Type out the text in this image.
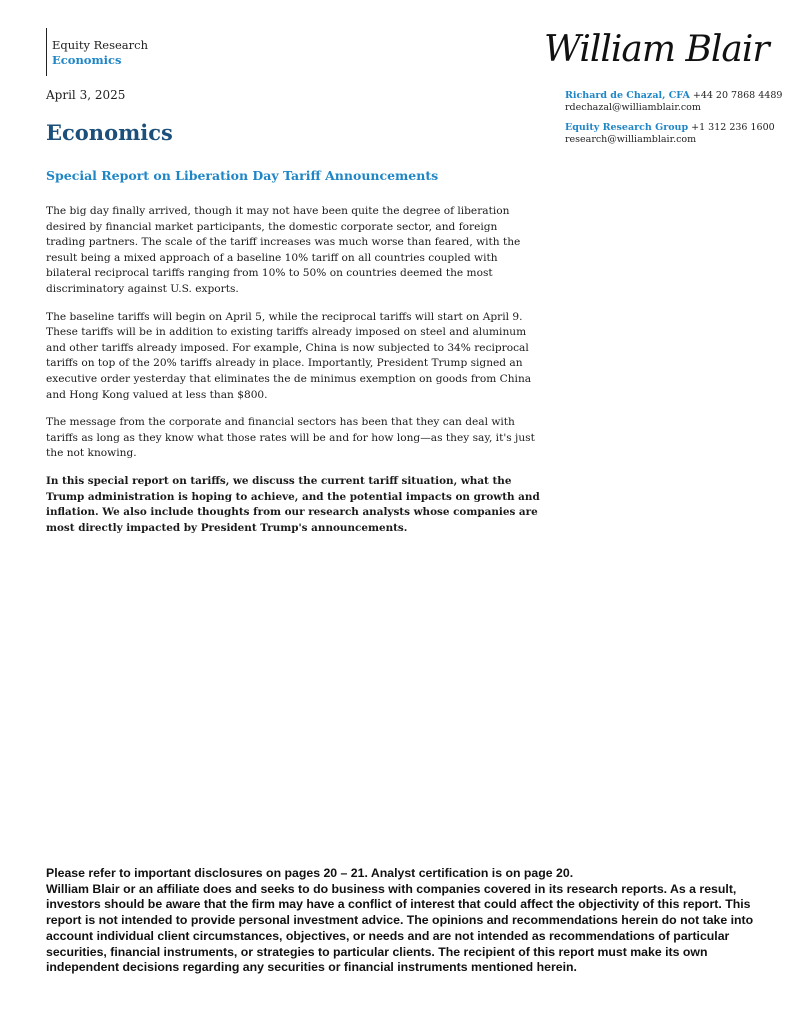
Equity Research
Economics	William Blair
April 3, 2025	Richard de Chazal, CFA +44 20 7868 4489
rdechazal@williamblair.com
Equity Research Group +1 312 236 1600
research@williamblair.com
Economics
Special Report on Liberation Day Tariff Announcements

The big day finally arrived, though it may not have been quite the degree of liberation desired by financial market participants, the domestic corporate sector, and foreign trading partners. The scale of the tariff increases was much worse than feared, with the result being a mixed approach of a baseline 10% tariff on all countries coupled with bilateral reciprocal tariffs ranging from 10% to 50% on countries deemed the most discriminatory against U.S. exports.

The baseline tariffs will begin on April 5, while the reciprocal tariffs will start on April 9. These tariffs will be in addition to existing tariffs already imposed on steel and aluminum and other tariffs already imposed. For example, China is now subjected to 34% reciprocal tariffs on top of the 20% tariffs already in place. Importantly, President Trump signed an executive order yesterday that eliminates the de minimus exemption on goods from China and Hong Kong valued at less than $800.

The message from the corporate and financial sectors has been that they can deal with tariffs as long as they know what those rates will be and for how long—as they say, it's just the not knowing.

In this special report on tariffs, we discuss the current tariff situation, what the Trump administration is hoping to achieve, and the potential impacts on growth and inflation. We also include thoughts from our research analysts whose companies are most directly impacted by President Trump's announcements.

Please refer to important disclosures on pages 20 – 21. Analyst certification is on page 20.
William Blair or an affiliate does and seeks to do business with companies covered in its research reports. As a result, investors should be aware that the firm may have a conflict of interest that could affect the objectivity of this report. This report is not intended to provide personal investment advice. The opinions and recommendations herein do not take into account individual client circumstances, objectives, or needs and are not intended as recommendations of particular securities, financial instruments, or strategies to particular clients. The recipient of this report must make its own independent decisions regarding any securities or financial instruments mentioned herein.
